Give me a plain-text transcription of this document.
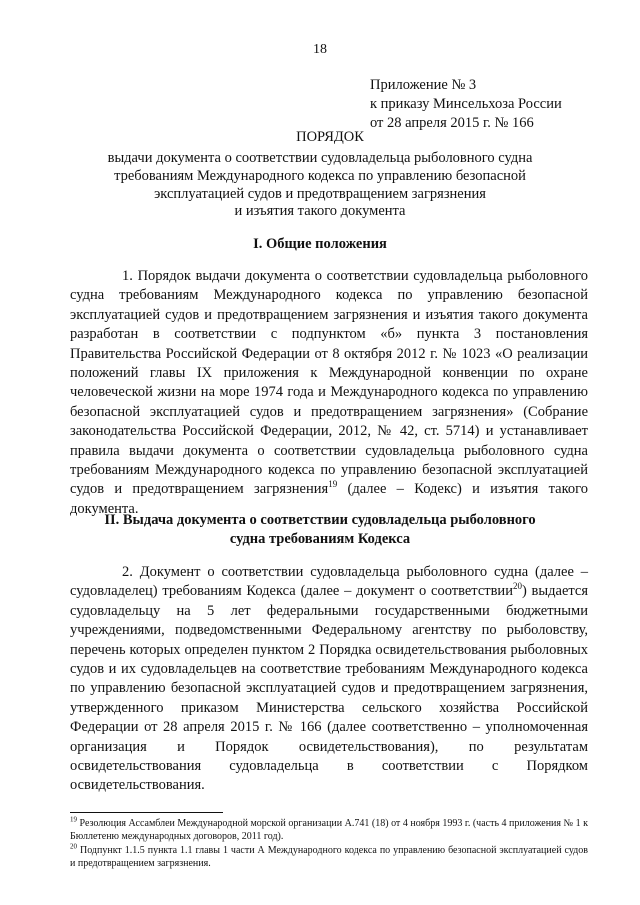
18
Приложение № 3
к приказу Минсельхоза России
от 28 апреля 2015 г. № 166
ПОРЯДОК
выдачи документа о соответствии судовладельца рыболовного судна
требованиям Международного кодекса по управлению безопасной
эксплуатацией судов и предотвращением загрязнения
и изъятия такого документа
I. Общие положения

1. Порядок выдачи документа о соответствии судовладельца рыболовного судна требованиям Международного кодекса по управлению безопасной эксплуатацией судов и предотвращением загрязнения и изъятия такого документа разработан в соответствии с подпунктом «б» пункта 3 постановления Правительства Российской Федерации от 8 октября 2012 г. № 1023 «О реализации положений главы IX приложения к Международной конвенции по охране человеческой жизни на море 1974 года и Международного кодекса по управлению безопасной эксплуатацией судов и предотвращением загрязнения» (Собрание законодательства Российской Федерации, 2012, № 42, ст. 5714) и устанавливает правила выдачи документа о соответствии судовладельца рыболовного судна требованиям Международного кодекса по управлению безопасной эксплуатацией судов и предотвращением загрязнения$^{19}$ (далее – Кодекс) и изъятия такого документа.

II. Выдача документа о соответствии судовладельца рыболовного
судна требованиям Кодекса

2. Документ о соответствии судовладельца рыболовного судна (далее – судовладелец) требованиям Кодекса (далее – документ о соответствии$^{20}$) выдается судовладельцу на 5 лет федеральными государственными бюджетными учреждениями, подведомственными Федеральному агентству по рыболовству, перечень которых определен пунктом 2 Порядка освидетельствования рыболовных судов и их судовладельцев на соответствие требованиям Международного кодекса по управлению безопасной эксплуатацией судов и предотвращением загрязнения, утвержденного приказом Министерства сельского хозяйства Российской Федерации от 28 апреля 2015 г. № 166 (далее соответственно – уполномоченная организация и Порядок освидетельствования), по результатам освидетельствования судовладельца в соответствии с Порядком освидетельствования.

$^{19}$ Резолюция Ассамблеи Международной морской организации А.741 (18) от 4 ноября 1993 г. (часть 4 приложения № 1 к Бюллетеню международных договоров, 2011 год).
$^{20}$ Подпункт 1.1.5 пункта 1.1 главы 1 части А Международного кодекса по управлению безопасной эксплуатацией судов и предотвращением загрязнения.
